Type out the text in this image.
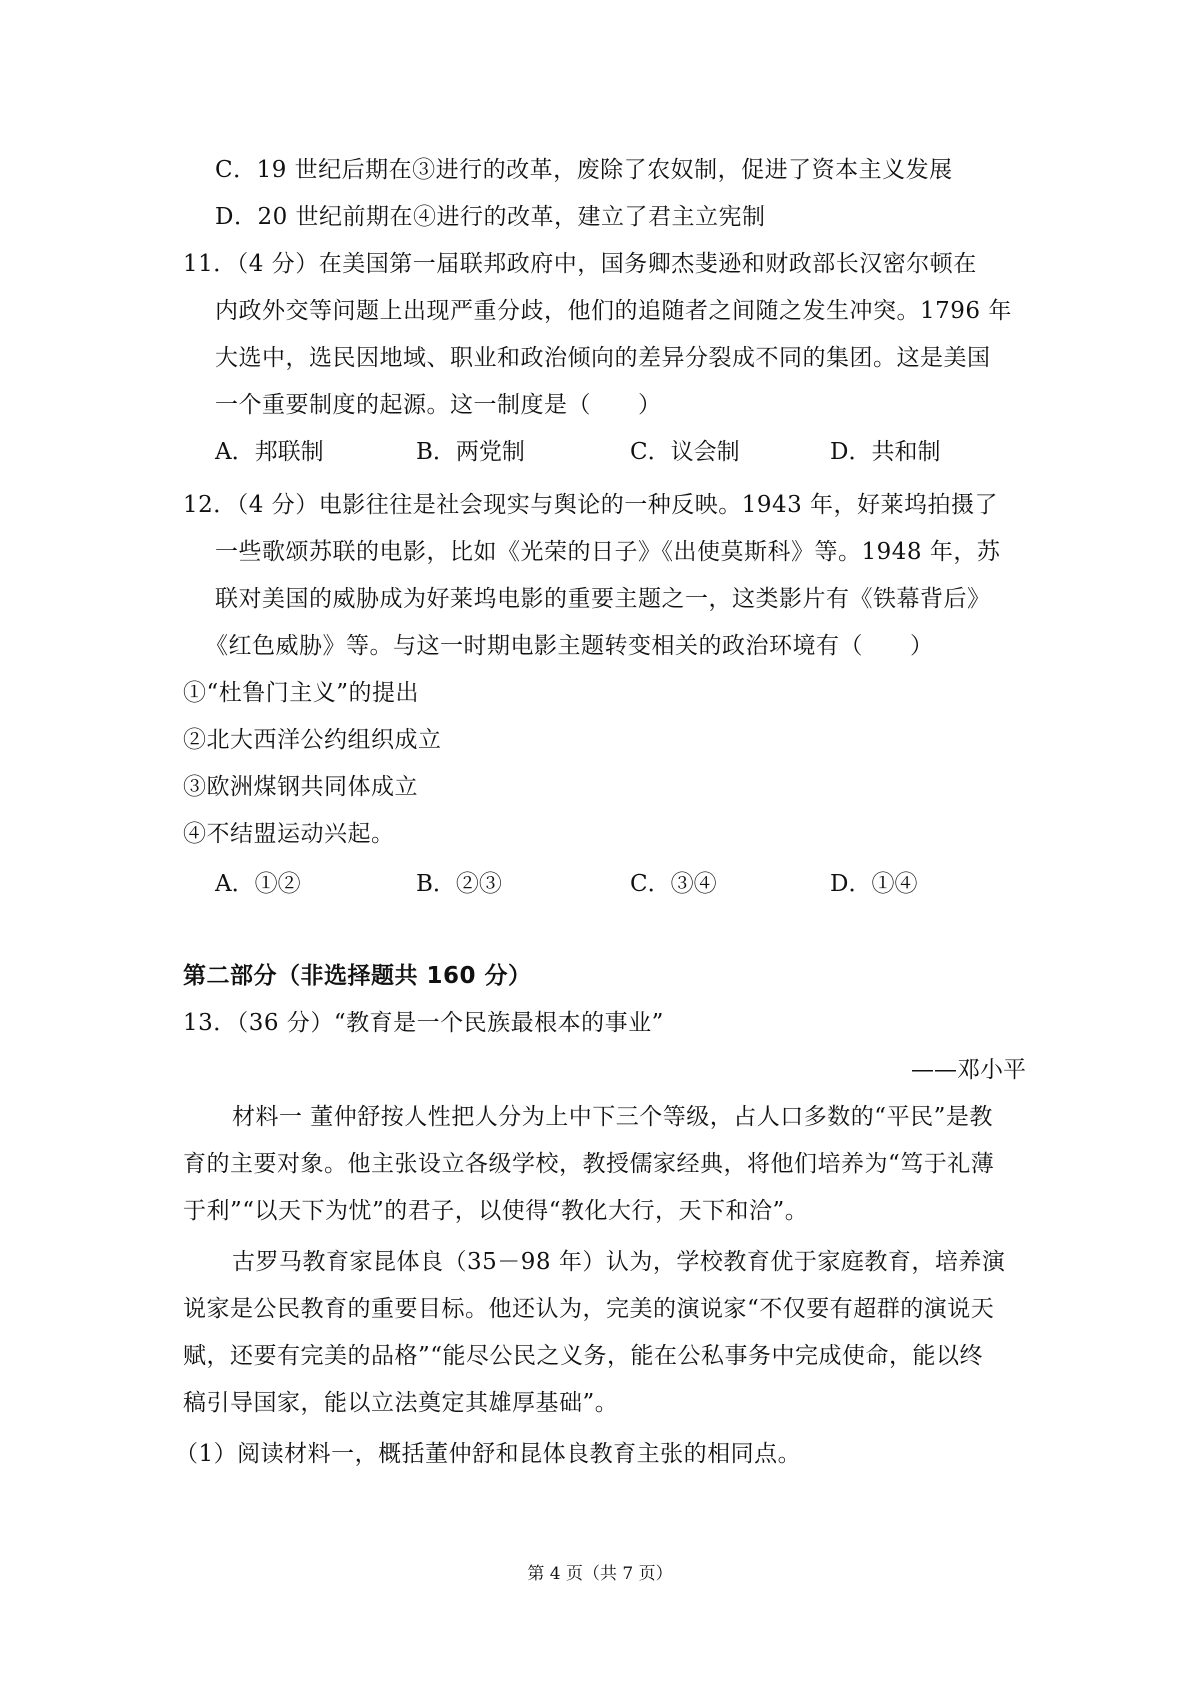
C．19 世纪后期在③进行的改革，废除了农奴制，促进了资本主义发展
D．20 世纪前期在④进行的改革，建立了君主立宪制
11．（4 分）在美国第一届联邦政府中，国务卿杰斐逊和财政部长汉密尔顿在
内政外交等问题上出现严重分歧，他们的追随者之间随之发生冲突。1796 年
大选中，选民因地域、职业和政治倾向的差异分裂成不同的集团。这是美国
一个重要制度的起源。这一制度是（　　）
A．邦联制	B．两党制	C．议会制	D．共和制
12．（4 分）电影往往是社会现实与舆论的一种反映。1943 年，好莱坞拍摄了
一些歌颂苏联的电影，比如《光荣的日子》《出使莫斯科》等。1948 年，苏
联对美国的威胁成为好莱坞电影的重要主题之一，这类影片有《铁幕背后》
《红色威胁》等。与这一时期电影主题转变相关的政治环境有（　　）
①“杜鲁门主义”的提出
②北大西洋公约组织成立
③欧洲煤钢共同体成立
④不结盟运动兴起。
A．①②	B．②③	C．③④	D．①④
第二部分（非选择题共 160 分）
13．（36 分）“教育是一个民族最根本的事业”
——邓小平
材料一 董仲舒按人性把人分为上中下三个等级，占人口多数的“平民”是教
育的主要对象。他主张设立各级学校，教授儒家经典，将他们培养为“笃于礼薄
于利”“以天下为忧”的君子，以使得“教化大行，天下和洽”。
古罗马教育家昆体良（35－98 年）认为，学校教育优于家庭教育，培养演
说家是公民教育的重要目标。他还认为，完美的演说家“不仅要有超群的演说天
赋，还要有完美的品格”“能尽公民之义务，能在公私事务中完成使命，能以终
稿引导国家，能以立法奠定其雄厚基础”。
（1）阅读材料一，概括董仲舒和昆体良教育主张的相同点。
第 4 页（共 7 页）
